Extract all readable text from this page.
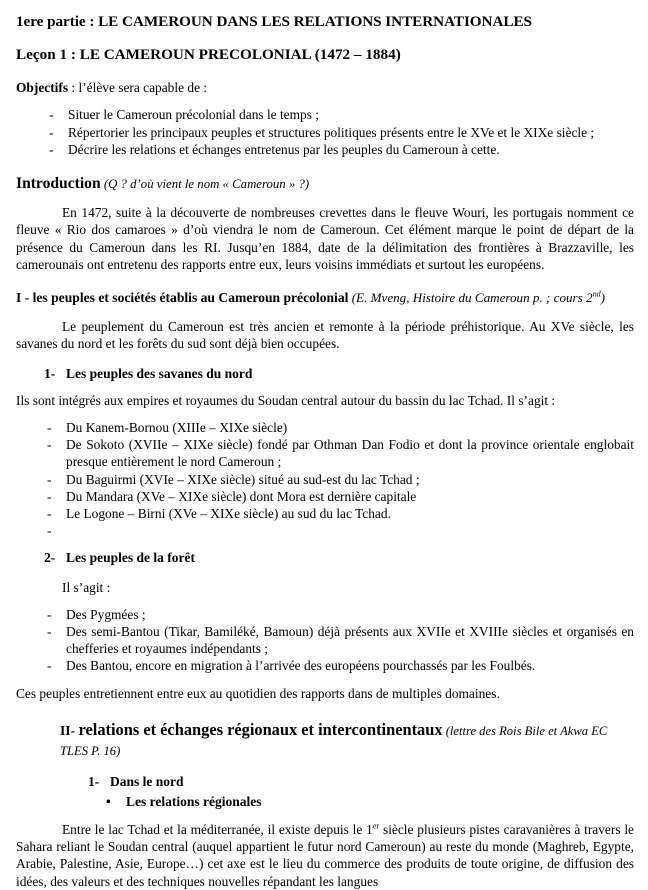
1ere partie : LE CAMEROUN DANS LES RELATIONS INTERNATIONALES
Leçon 1 : LE CAMEROUN PRECOLONIAL (1472 – 1884)

Objectifs : l’élève sera capable de :

- Situer le Cameroun précolonial dans le temps ;
- Répertorier les principaux peuples et structures politiques présents entre le XVe et le XIXe siècle ;
- Décrire les relations et échanges entretenus par les peuples du Cameroun à cette.
Introduction (Q ? d’où vient le nom « Cameroun » ?)

En 1472, suite à la découverte de nombreuses crevettes dans le fleuve Wouri, les portugais nomment ce fleuve « Rio dos camaroes » d’où viendra le nom de Cameroun. Cet élément marque le point de départ de la présence du Cameroun dans les RI. Jusqu’en 1884, date de la délimitation des frontières à Brazzaville, les camerounais ont entretenu des rapports entre eux, leurs voisins immédiats et surtout les européens.

I - les peuples et sociétés établis au Cameroun précolonial (E. Mveng, Histoire du Cameroun p. ; cours 2nd)

Le peuplement du Cameroun est très ancien et remonte à la période préhistorique. Au XVe siècle, les savanes du nord et les forêts du sud sont déjà bien occupées.

1- Les peuples des savanes du nord

Ils sont intégrés aux empires et royaumes du Soudan central autour du bassin du lac Tchad. Il s’agit :

- Du Kanem-Bornou (XIIIe – XIXe siècle)
- De Sokoto (XVIIe – XIXe siècle) fondé par Othman Dan Fodio et dont la province orientale englobait presque entièrement le nord Cameroun ;
- Du Baguirmi (XVIe – XIXe siècle) situé au sud-est du lac Tchad ;
- Du Mandara (XVe – XIXe siècle) dont Mora est dernière capitale
- Le Logone – Birni (XVe – XIXe siècle) au sud du lac Tchad.
-
2- Les peuples de la forêt

Il s’agit :

- Des Pygmées ;
- Des semi-Bantou (Tikar, Bamiléké, Bamoun) déjà présents aux XVIIe et XVIIIe siècles et organisés en chefferies et royaumes indépendants ;
- Des Bantou, encore en migration à l’arrivée des européens pourchassés par les Foulbés.

Ces peuples entretiennent entre eux au quotidien des rapports dans de multiples domaines.

II- relations et échanges régionaux et intercontinentaux (lettre des Rois Bile et Akwa EC TLES P. 16)

1- Dans le nord

• Les relations régionales

Entre le lac Tchad et la méditerranée, il existe depuis le 1er siècle plusieurs pistes caravanières à travers le Sahara reliant le Soudan central (auquel appartient le futur nord Cameroun) au reste du monde (Maghreb, Egypte, Arabie, Palestine, Asie, Europe…) cet axe est le lieu du commerce des produits de toute origine, de diffusion des idées, des valeurs et des techniques nouvelles répandant les langues
